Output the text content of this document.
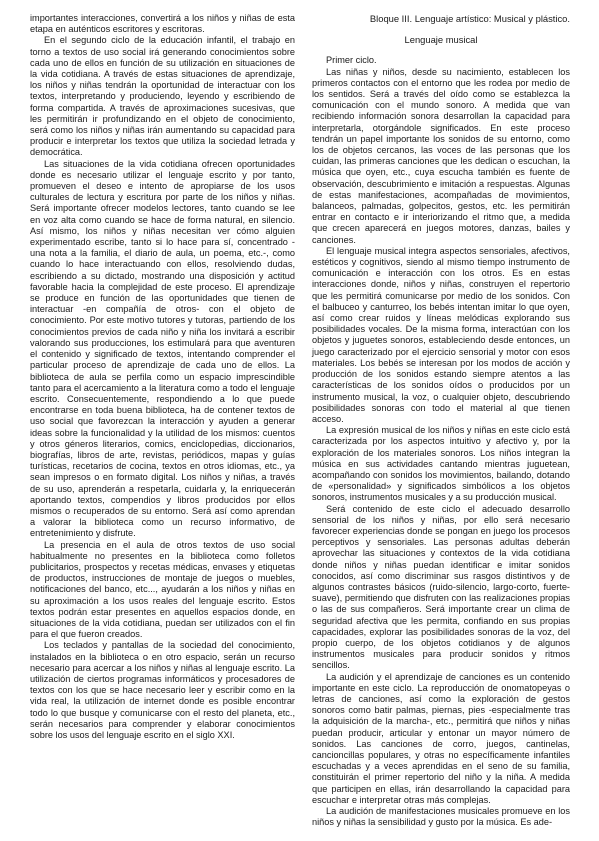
importantes interacciones, convertirá a los niños y niñas de esta etapa en auténticos escritores y escritoras.

En el segundo ciclo de la educación infantil, el trabajo en torno a textos de uso social irá generando conocimientos sobre cada uno de ellos en función de su utilización en situaciones de la vida cotidiana. A través de estas situaciones de aprendizaje, los niños y niñas tendrán la oportunidad de interactuar con los textos, interpretando y produciendo, leyendo y escribiendo de forma compartida. A través de aproximaciones sucesivas, que les permitirán ir profundizando en el objeto de conocimiento, será como los niños y niñas irán aumentando su capacidad para producir e interpretar los textos que utiliza la sociedad letrada y democrática.

Las situaciones de la vida cotidiana ofrecen oportunidades donde es necesario utilizar el lenguaje escrito y por tanto, promueven el deseo e intento de apropiarse de los usos culturales de lectura y escritura por parte de los niños y niñas. Será importante ofrecer modelos lectores, tanto cuando se lee en voz alta como cuando se hace de forma natural, en silencio. Así mismo, los niños y niñas necesitan ver cómo alguien experimentado escribe, tanto si lo hace para sí, concentrado -una nota a la familia, el diario de aula, un poema, etc.-, como cuando lo hace interactuando con ellos, resolviendo dudas, escribiendo a su dictado, mostrando una disposición y actitud favorable hacia la complejidad de este proceso. El aprendizaje se produce en función de las oportunidades que tienen de interactuar -en compañía de otros- con el objeto de conocimiento. Por este motivo tutores y tutoras, partiendo de los conocimientos previos de cada niño y niña los invitará a escribir valorando sus producciones, los estimulará para que aventuren el contenido y significado de textos, intentando comprender el particular proceso de aprendizaje de cada uno de ellos. La biblioteca de aula se perfila como un espacio imprescindible tanto para el acercamiento a la literatura como a todo el lenguaje escrito. Consecuentemente, respondiendo a lo que puede encontrarse en toda buena biblioteca, ha de contener textos de uso social que favorezcan la interacción y ayuden a generar ideas sobre la funcionalidad y la utilidad de los mismos: cuentos y otros géneros literarios, comics, enciclopedias, diccionarios, biografías, libros de arte, revistas, periódicos, mapas y guías turísticas, recetarios de cocina, textos en otros idiomas, etc., ya sean impresos o en formato digital. Los niños y niñas, a través de su uso, aprenderán a respetarla, cuidarla y, la enriquecerán aportando textos, compendios y libros producidos por ellos mismos o recuperados de su entorno. Será así como aprendan a valorar la biblioteca como un recurso informativo, de entretenimiento y disfrute.

La presencia en el aula de otros textos de uso social habitualmente no presentes en la biblioteca como folletos publicitarios, prospectos y recetas médicas, envases y etiquetas de productos, instrucciones de montaje de juegos o muebles, notificaciones del banco, etc..., ayudarán a los niños y niñas en su aproximación a los usos reales del lenguaje escrito. Estos textos podrán estar presentes en aquellos espacios donde, en situaciones de la vida cotidiana, puedan ser utilizados con el fin para el que fueron creados.

Los teclados y pantallas de la sociedad del conocimiento, instalados en la biblioteca o en otro espacio, serán un recurso necesario para acercar a los niños y niñas al lenguaje escrito. La utilización de ciertos programas informáticos y procesadores de textos con los que se hace necesario leer y escribir como en la vida real, la utilización de internet donde es posible encontrar todo lo que busque y comunicarse con el resto del planeta, etc., serán necesarios para comprender y elaborar conocimientos sobre los usos del lenguaje escrito en el siglo XXI.

Bloque III. Lenguaje artístico: Musical y plástico.
Lenguaje musical

Primer ciclo.

Las niñas y niños, desde su nacimiento, establecen los primeros contactos con el entorno que les rodea por medio de los sentidos. Será a través del oído como se establezca la comunicación con el mundo sonoro. A medida que van recibiendo información sonora desarrollan la capacidad para interpretarla, otorgándole significados. En este proceso tendrán un papel importante los sonidos de su entorno, como los de objetos cercanos, las voces de las personas que los cuidan, las primeras canciones que les dedican o escuchan, la música que oyen, etc., cuya escucha también es fuente de observación, descubrimiento e imitación a respuestas. Algunas de estas manifestaciones, acompañadas de movimientos, balanceos, palmadas, golpecitos, gestos, etc. les permitirán entrar en contacto e ir interiorizando el ritmo que, a medida que crecen aparecerá en juegos motores, danzas, bailes y canciones.

El lenguaje musical integra aspectos sensoriales, afectivos, estéticos y cognitivos, siendo al mismo tiempo instrumento de comunicación e interacción con los otros. Es en estas interacciones donde, niños y niñas, construyen el repertorio que les permitirá comunicarse por medio de los sonidos. Con el balbuceo y canturreo, los bebés intentan imitar lo que oyen, así como crear ruidos y líneas melódicas explorando sus posibilidades vocales. De la misma forma, interactúan con los objetos y juguetes sonoros, estableciendo desde entonces, un juego caracterizado por el ejercicio sensorial y motor con esos materiales. Los bebés se interesan por los modos de acción y producción de los sonidos estando siempre atentos a las características de los sonidos oídos o producidos por un instrumento musical, la voz, o cualquier objeto, descubriendo posibilidades sonoras con todo el material al que tienen acceso.

La expresión musical de los niños y niñas en este ciclo está caracterizada por los aspectos intuitivo y afectivo y, por la exploración de los materiales sonoros. Los niños integran la música en sus actividades cantando mientras juguetean, acompañando con sonidos los movimientos, bailando, dotando de «personalidad» y significados simbólicos a los objetos sonoros, instrumentos musicales y a su producción musical.

Será contenido de este ciclo el adecuado desarrollo sensorial de los niños y niñas, por ello será necesario favorecer experiencias donde se pongan en juego los procesos perceptivos y sensoriales. Las personas adultas deberán aprovechar las situaciones y contextos de la vida cotidiana donde niños y niñas puedan identificar e imitar sonidos conocidos, así como discriminar sus rasgos distintivos y de algunos contrastes básicos (ruido-silencio, largo-corto, fuerte-suave), permitiendo que disfruten con las realizaciones propias o las de sus compañeros. Será importante crear un clima de seguridad afectiva que les permita, confiando en sus propias capacidades, explorar las posibilidades sonoras de la voz, del propio cuerpo, de los objetos cotidianos y de algunos instrumentos musicales para producir sonidos y ritmos sencillos.

La audición y el aprendizaje de canciones es un contenido importante en este ciclo. La reproducción de onomatopeyas o letras de canciones, así como la exploración de gestos sonoros como batir palmas, piernas, pies -especialmente tras la adquisición de la marcha-, etc., permitirá que niños y niñas puedan producir, articular y entonar un mayor número de sonidos. Las canciones de corro, juegos, cantinelas, cancioncillas populares, y otras no específicamente infantiles escuchadas y a veces aprendidas en el seno de su familia, constituirán el primer repertorio del niño y la niña. A medida que participen en ellas, irán desarrollando la capacidad para escuchar e interpretar otras más complejas.

La audición de manifestaciones musicales promueve en los niños y niñas la sensibilidad y gusto por la música. Es ade-
